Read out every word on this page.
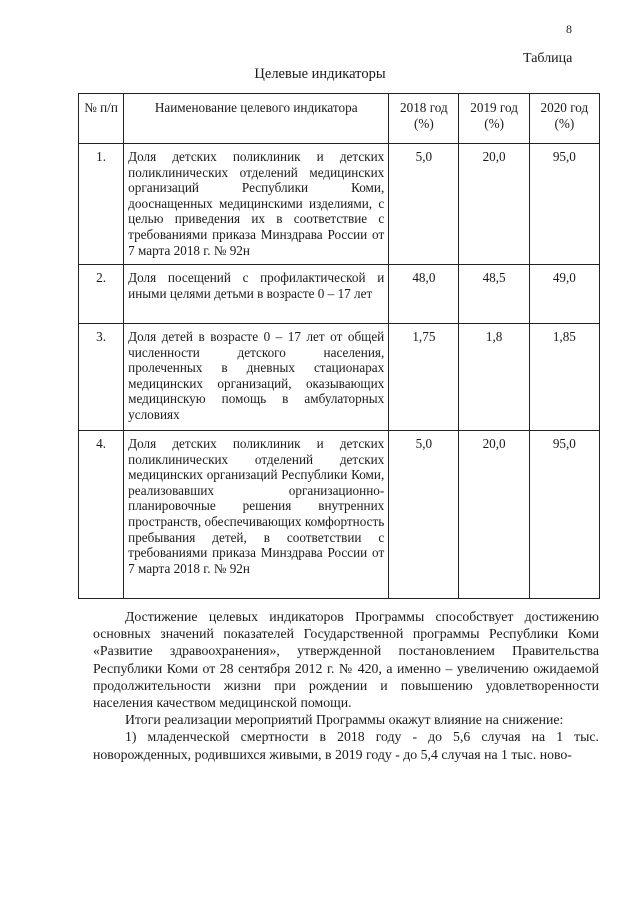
8
Таблица
Целевые индикаторы
№ п/п	Наименование целевого индикатора	2018 год (%)	2019 год (%)	2020 год (%)
1.	Доля детских поликлиник и детских поликлинических отделений медицинских организаций Республики Коми, дооснащенных медицинскими изделиями, с целью приведения их в соответствие с требованиями приказа Минздрава России от 7 марта 2018 г. № 92н	5,0	20,0	95,0
2.	Доля посещений с профилактической и иными целями детьми в возрасте 0 – 17 лет	48,0	48,5	49,0
3.	Доля детей в возрасте 0 – 17 лет от общей численности детского населения, пролеченных в дневных стационарах медицинских организаций, оказывающих медицинскую помощь в амбулаторных условиях	1,75	1,8	1,85
4.	Доля детских поликлиник и детских поликлинических отделений детских медицинских организаций Республики Коми, реализовавших организационно-планировочные решения внутренних пространств, обеспечивающих комфортность пребывания детей, в соответствии с требованиями приказа Минздрава России от 7 марта 2018 г. № 92н	5,0	20,0	95,0

Достижение целевых индикаторов Программы способствует достижению основных значений показателей Государственной программы Республики Коми «Развитие здравоохранения», утвержденной постановлением Правительства Республики Коми от 28 сентября 2012 г. № 420, а именно – увеличению ожидаемой продолжительности жизни при рождении и повышению удовлетворенности населения качеством медицинской помощи.

Итоги реализации мероприятий Программы окажут влияние на снижение:

1) младенческой смертности в 2018 году - до 5,6 случая на 1 тыс. новорожденных, родившихся живыми, в 2019 году - до 5,4 случая на 1 тыс. ново-
